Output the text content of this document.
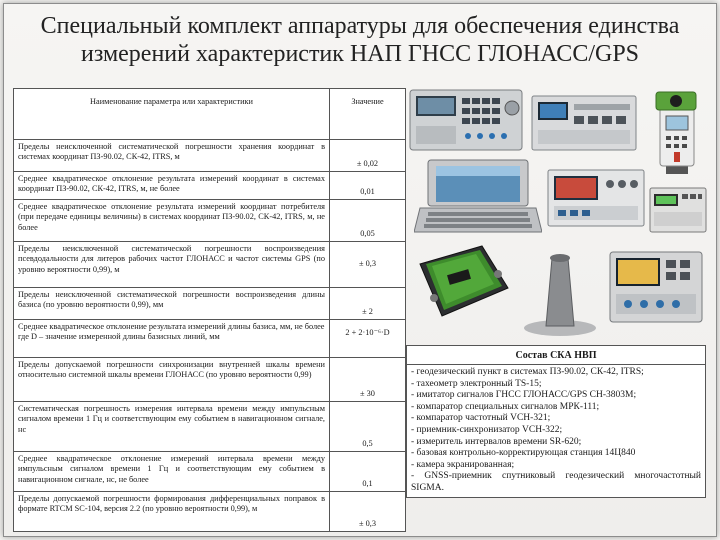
Специальный комплект аппаратуры для обеспечения единства
измерений характеристик НАП ГНСС ГЛОНАСС/GPS
Наименование параметра или характеристики	Значение
Пределы неисключенной систематической погрешности хранения координат в системах координат ПЗ-90.02, СК-42, ITRS, м	± 0,02
Среднее квадратическое отклонение результата измерений координат в системах координат ПЗ-90.02, СК-42, ITRS, м, не более	0,01
Среднее квадратическое отклонение результата измерений координат потребителя (при передаче единицы величины) в системах координат ПЗ-90.02, СК-42, ITRS, м, не более	0,05
Пределы неисключенной систематической погрешности воспроизведения псевдодальности для литеров рабочих частот ГЛОНАСС и частот системы GPS (по уровню вероятности 0,99), м	± 0,3
Пределы неисключенной систематической погрешности воспроизведения длины базиса (по уровню вероятности 0,99), мм	± 2
Среднее квадратическое отклонение результата измерений длины базиса, мм, не более
где D – значение измеренной длины базисных линий, мм	2 + 2·10⁻⁶·D
Пределы допускаемой погрешности синхронизации внутренней шкалы времени относительно системной шкалы времени ГЛОНАСС (по уровню вероятности 0,99)	± 30
Систематическая погрешность измерения интервала времени между импульсным сигналом времени 1 Гц и соответствующим ему событием в навигационном сигнале, нс	0,5
Среднее квадратическое отклонение измерений интервала времени между импульсным сигналом времени 1 Гц и соответствующим ему событием в навигационном сигнале, нс, не более	0,1
Пределы допускаемой погрешности формирования дифференциальных поправок в формате RTCM SC-104, версия 2.2 (по уровню вероятности 0,99), м	± 0,3
Состав СКА НВП

- геодезический пункт в системах ПЗ-90.02, СК-42, ITRS;
- тахеометр электронный TS-15;
- имитатор сигналов ГНСС ГЛОНАСС/GPS СН-3803М;
- компаратор специальных сигналов МРК-111;
- компаратор частотный VCH-321;
- приемник-синхронизатор VCH-322;
- измеритель интервалов времени SR-620;
- базовая контрольно-корректирующая станция 14Ц840
- камера экранированная;
- GNSS-приемник спутниковый геодезический многочастотный SIGMA.
